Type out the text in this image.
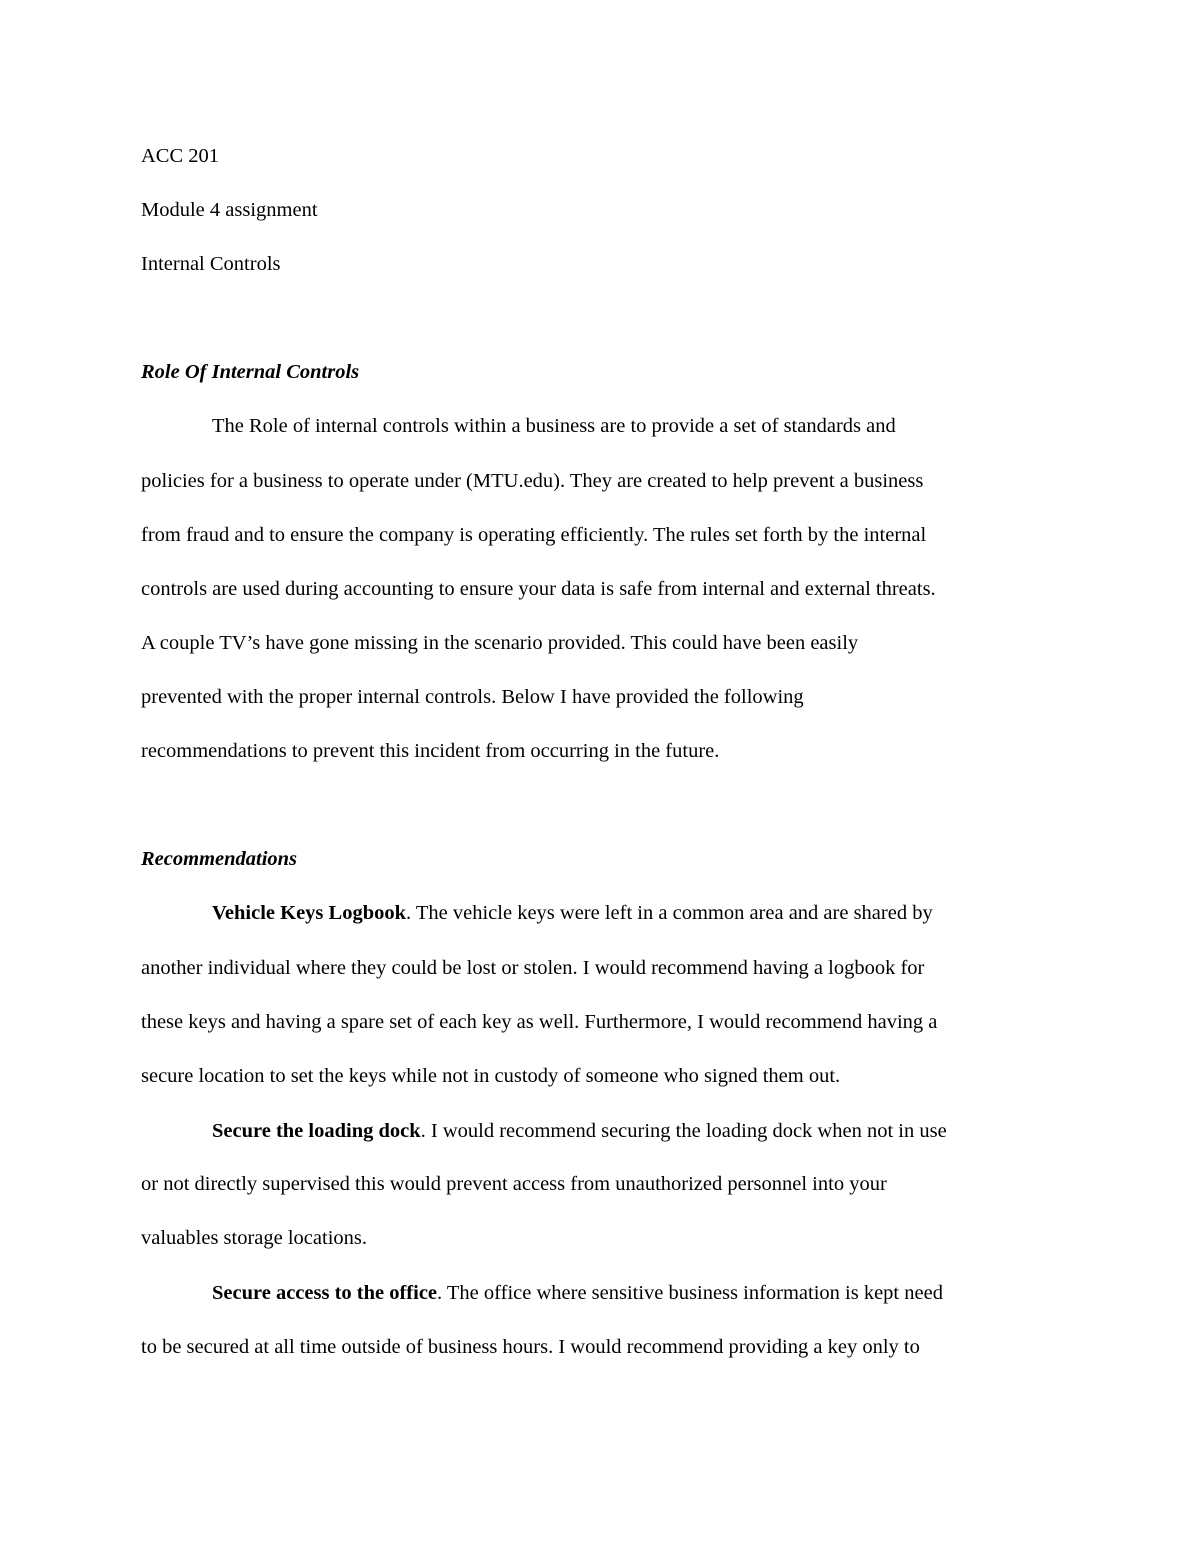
ACC 201
Module 4 assignment
Internal Controls
Role Of Internal Controls
The Role of internal controls within a business are to provide a set of standards and
policies for a business to operate under (MTU.edu). They are created to help prevent a business
from fraud and to ensure the company is operating efficiently. The rules set forth by the internal
controls are used during accounting to ensure your data is safe from internal and external threats.
A couple TV’s have gone missing in the scenario provided. This could have been easily
prevented with the proper internal controls. Below I have provided the following
recommendations to prevent this incident from occurring in the future.
Recommendations
Vehicle Keys Logbook. The vehicle keys were left in a common area and are shared by
another individual where they could be lost or stolen. I would recommend having a logbook for
these keys and having a spare set of each key as well. Furthermore, I would recommend having a
secure location to set the keys while not in custody of someone who signed them out.
Secure the loading dock. I would recommend securing the loading dock when not in use
or not directly supervised this would prevent access from unauthorized personnel into your
valuables storage locations.
Secure access to the office. The office where sensitive business information is kept need
to be secured at all time outside of business hours. I would recommend providing a key only to
